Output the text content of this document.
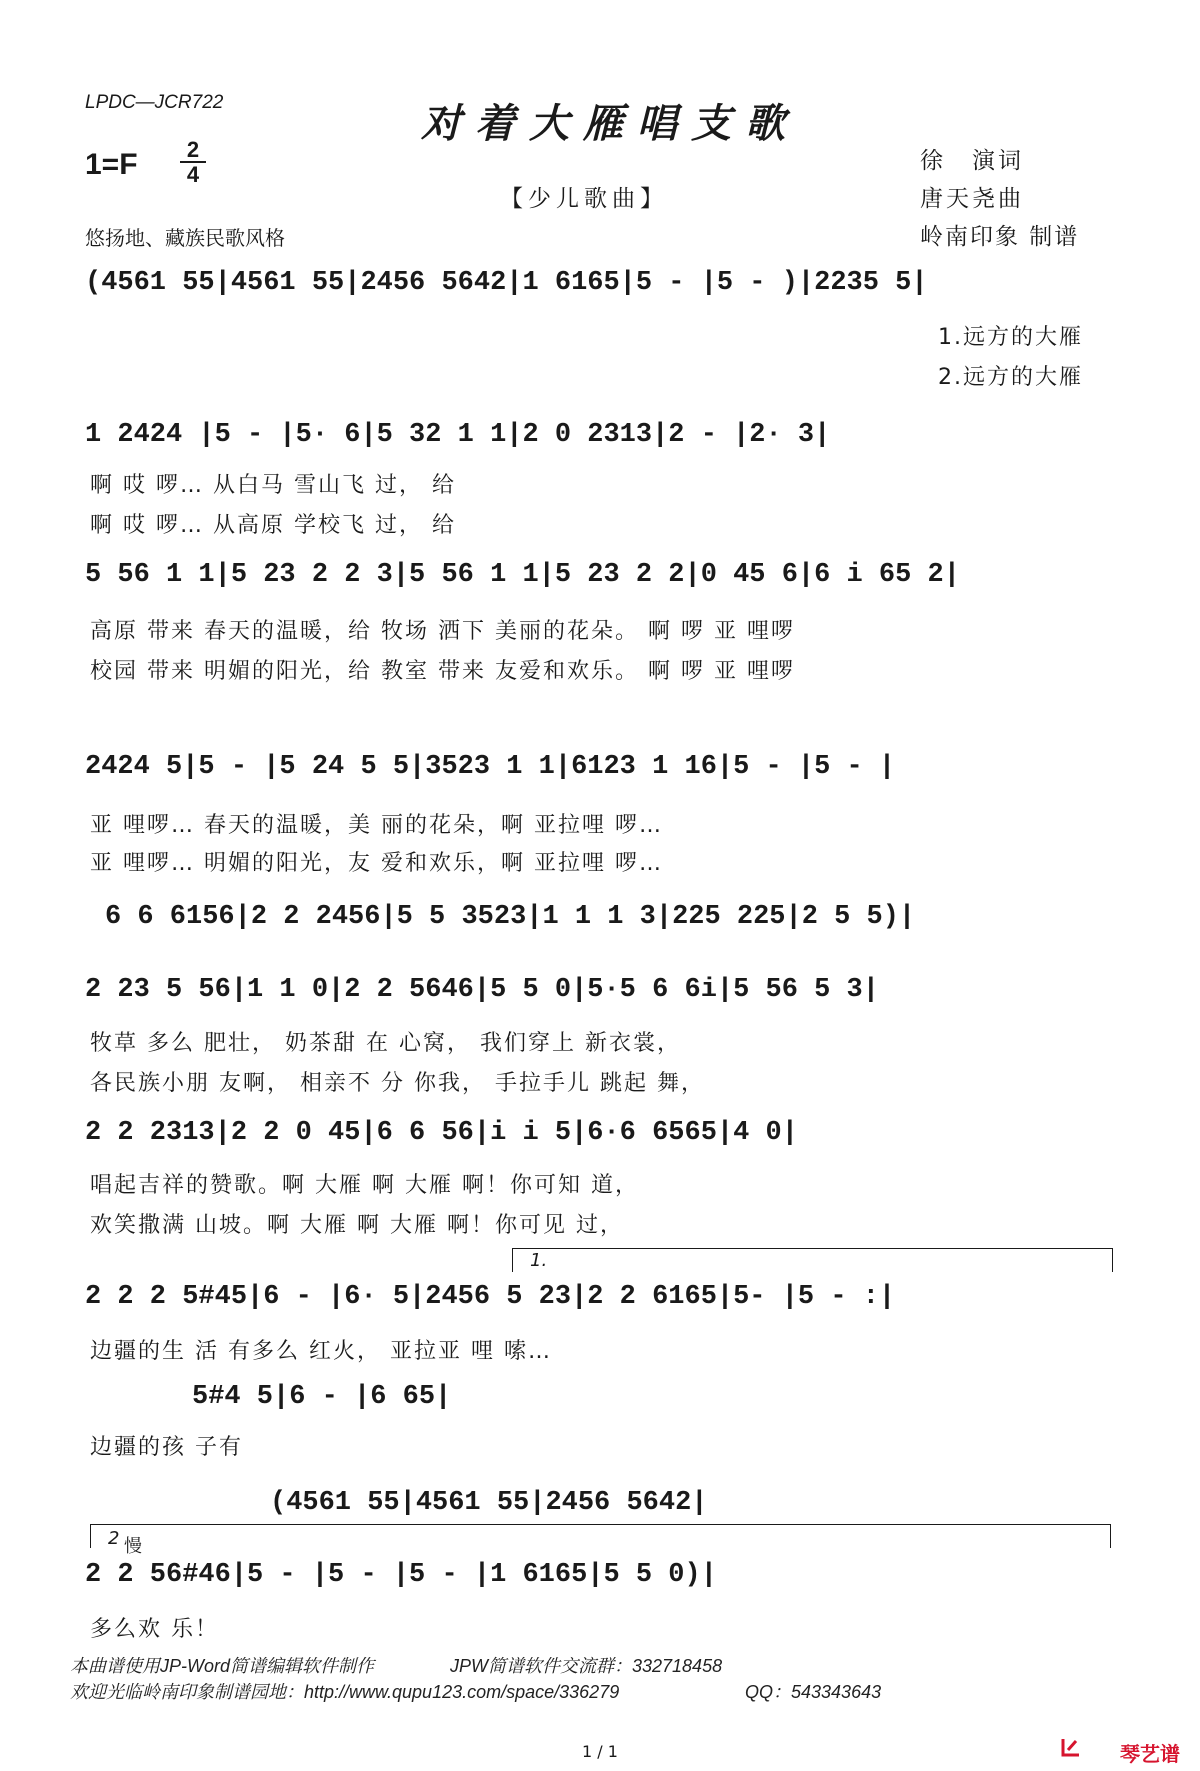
LPDC—JCR722	对着大雁唱支歌
$1=F \frac{2}{4}$
【少儿歌曲】
徐　演词
唐天尧曲
岭南印象 制谱
悠扬地、藏族民歌风格
(4561 55|4561 55|2456 5642|1 6165|5 - |5 - )|2235 5|
1.远方的大雁
2.远方的大雁
1 2424 |5 - |5· 6|5 32 1 1|2 0 2313|2 - |2· 3|
啊 哎 啰… 从白马 雪山飞 过， 给
啊 哎 啰… 从高原 学校飞 过， 给
5 56 1 1|5 23 2 2 3|5 56 1 1|5 23 2 2|0 45 6|6 i 65 2|
高原 带来 春天的温暖，给 牧场 洒下 美丽的花朵。 啊 啰 亚 哩啰
校园 带来 明媚的阳光，给 教室 带来 友爱和欢乐。 啊 啰 亚 哩啰
2424 5|5 - |5 24 5 5|3523 1 1|6123 1 16|5 - |5 - |
亚 哩啰… 春天的温暖，美 丽的花朵，啊 亚拉哩 啰…
亚 哩啰… 明媚的阳光，友 爱和欢乐，啊 亚拉哩 啰…
6 6 6156|2 2 2456|5 5 3523|1 1 1 3|225 225|2 5 5)|
2 23 5 56|1 1 0|2 2 5646|5 5 0|5·5 6 6i|5 56 5 3|
牧草 多么 肥壮， 奶茶甜 在 心窝， 我们穿上 新衣裳，
各民族小朋 友啊， 相亲不 分 你我， 手拉手儿 跳起 舞，
2 2 2313|2 2 0 45|6 6 56|i i 5|6·6 6565|4 0|
唱起吉祥的赞歌。啊 大雁 啊 大雁 啊！你可知 道，
欢笑撒满 山坡。啊 大雁 啊 大雁 啊！你可见 过，
1.
2 2 2 5#45|6 - |6· 5|2456 5 23|2 2 6165|5- |5 - :|
边疆的生 活 有多么 红火， 亚拉亚 哩 嗦…
5#4 5|6 - |6 65|
边疆的孩 子有
(4561 55|4561 55|2456 5642|
2 慢
2 2 56#46|5 - |5 - |5 - |1 6165|5 5 0)|
多么欢 乐！
本曲谱使用JP-Word简谱编辑软件制作	JPW简谱软件交流群：332718458
欢迎光临岭南印象制谱园地：http://www.qupu123.com/space/336279	QQ：543343643
1 / 1	琴艺谱
